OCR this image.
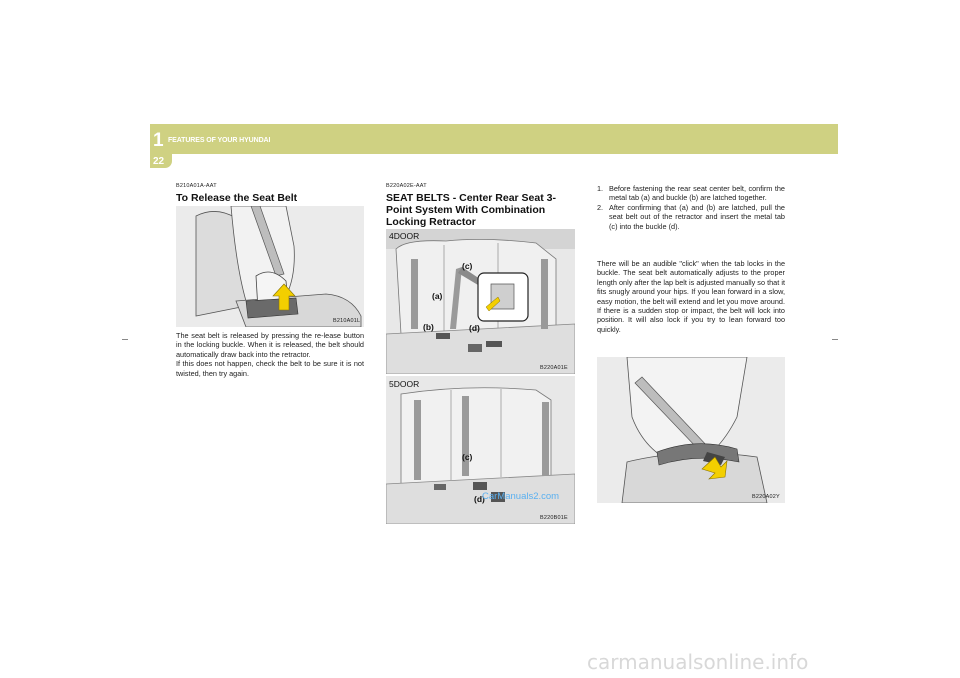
1 FEATURES OF YOUR HYUNDAI
22
B210A01A-AAT
To Release the Seat Belt
B210A01L

The seat belt is released by pressing the re-lease button in the locking buckle. When it is released, the belt should automatically draw back into the retractor.
If this does not happen, check the belt to be sure it is not twisted, then try again.

B220A02E-AAT
SEAT BELTS - Center Rear Seat 3-Point System With Combination Locking Retractor
4DOOR
(c)
(a)
(b)	(d)
B220A01E
5DOOR
(c)
(d)
B220B01E
CarManuals2.com
1. Before fastening the rear seat center belt, confirm the metal tab (a) and buckle (b) are latched together.
2. After confirming that (a) and (b) are latched, pull the seat belt out of the retractor and insert the metal tab (c) into the buckle (d).

There will be an audible "click" when the tab locks in the buckle. The seat belt automatically adjusts to the proper length only after the lap belt is adjusted manually so that it fits snugly around your hips. If you lean forward in a slow, easy motion, the belt will extend and let you move around. If there is a sudden stop or impact, the belt will lock into position. It will also lock if you try to lean forward too quickly.

B220A02Y
carmanualsonline.info
